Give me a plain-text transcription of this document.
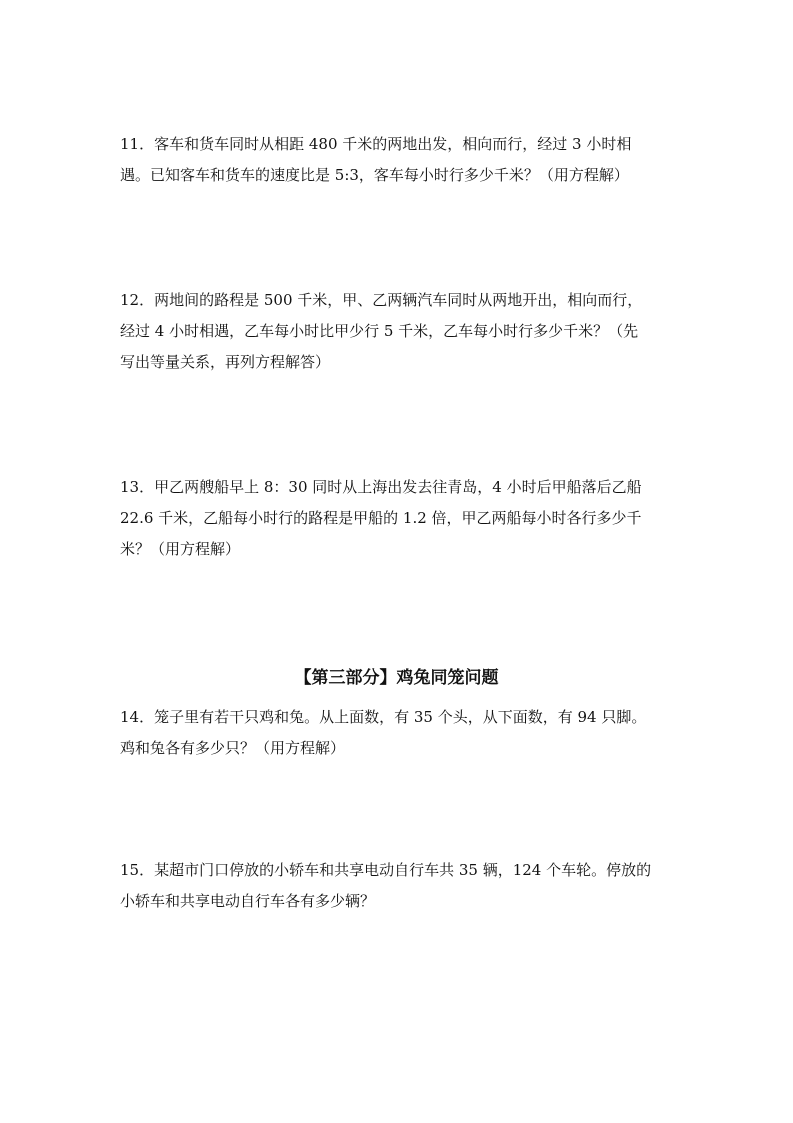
11．客车和货车同时从相距 480 千米的两地出发，相向而行，经过 3 小时相
遇。已知客车和货车的速度比是 5:3，客车每小时行多少千米？（用方程解）
12．两地间的路程是 500 千米，甲、乙两辆汽车同时从两地开出，相向而行，
经过 4 小时相遇，乙车每小时比甲少行 5 千米，乙车每小时行多少千米？（先
写出等量关系，再列方程解答）
13．甲乙两艘船早上 8：30 同时从上海出发去往青岛，4 小时后甲船落后乙船
22.6 千米，乙船每小时行的路程是甲船的 1.2 倍，甲乙两船每小时各行多少千
米？（用方程解）
【第三部分】鸡兔同笼问题
14．笼子里有若干只鸡和兔。从上面数，有 35 个头，从下面数，有 94 只脚。
鸡和兔各有多少只？（用方程解）
15．某超市门口停放的小轿车和共享电动自行车共 35 辆，124 个车轮。停放的
小轿车和共享电动自行车各有多少辆？
